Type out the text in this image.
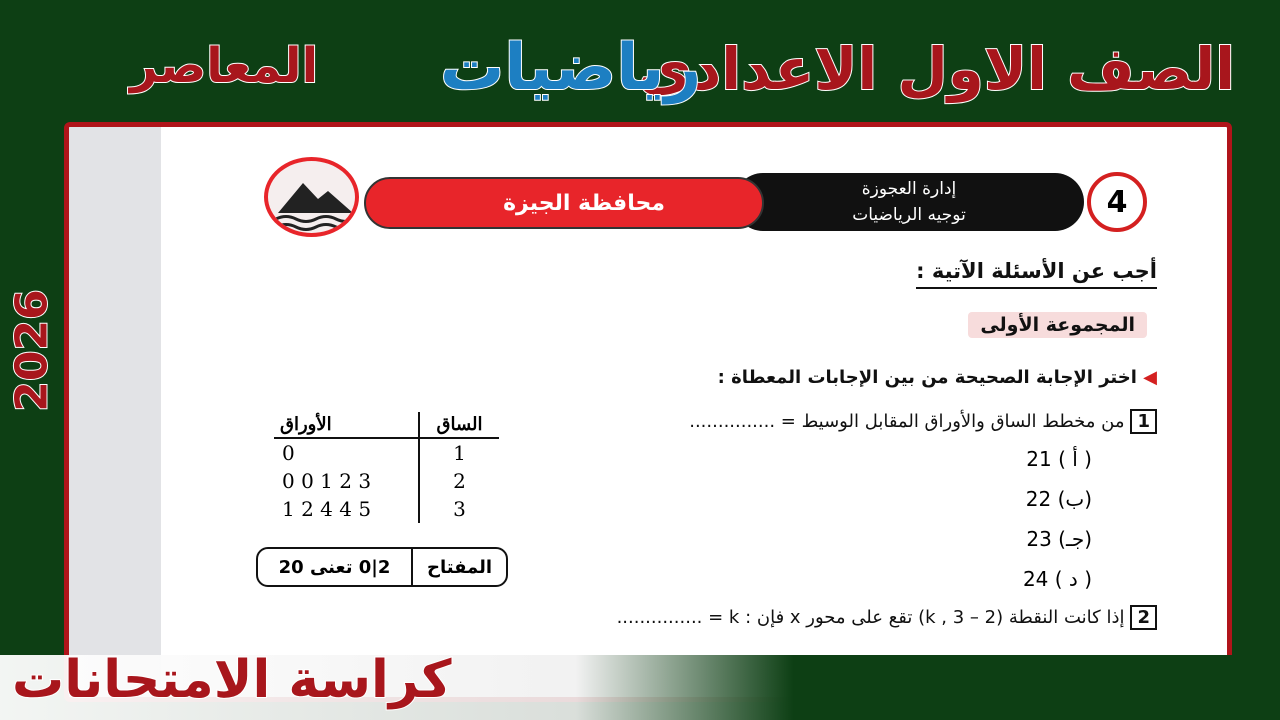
الصف الاول الاعدادى
رياضيات
المعاصر
2026
4
إدارة العجوزة
توجيه الرياضيات
محافظة الجيزة
أجب عن الأسئلة الآتية :
المجموعة الأولى
◀ اختر الإجابة الصحيحة من بين الإجابات المعطاة :
1من مخطط الساق والأوراق المقابل الوسيط = ...............
( أ ) 21
(ب) 22
(جـ) 23
( د ) 24
2إذا كانت النقطة (2 – k , 3) تقع على محور x فإن : k = ...............
الأوراق	الساق
0	1
0 0 1 2 3	2
1 2 4 4 5	3
المفتاح
2|0 تعنى 20
كراسة الامتحانات
